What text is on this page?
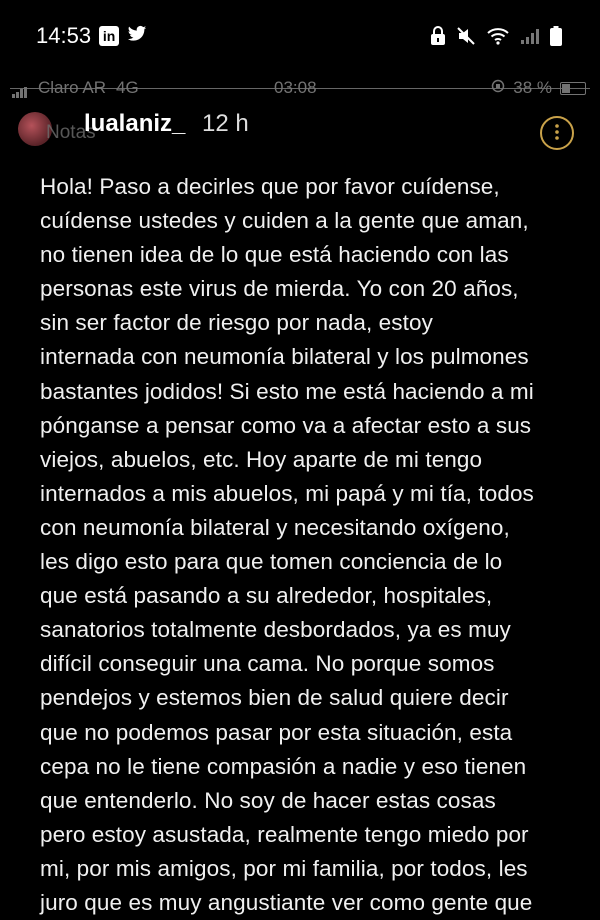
14:53 in
Claro AR 4G	03:08	38 %
Notas
lualaniz_ 12 h
Hola! Paso a decirles que por favor cuídense,
cuídense ustedes y cuiden a la gente que aman,
no tienen idea de lo que está haciendo con las
personas este virus de mierda. Yo con 20 años,
sin ser factor de riesgo por nada, estoy
internada con neumonía bilateral y los pulmones
bastantes jodidos! Si esto me está haciendo a mi
pónganse a pensar como va a afectar esto a sus
viejos, abuelos, etc. Hoy aparte de mi tengo
internados a mis abuelos, mi papá y mi tía, todos
con neumonía bilateral y necesitando oxígeno,
les digo esto para que tomen conciencia de lo
que está pasando a su alrededor, hospitales,
sanatorios totalmente desbordados, ya es muy
difícil conseguir una cama. No porque somos
pendejos y estemos bien de salud quiere decir
que no podemos pasar por esta situación, esta
cepa no le tiene compasión a nadie y eso tienen
que entenderlo. No soy de hacer estas cosas
pero estoy asustada, realmente tengo miedo por
mi, por mis amigos, por mi familia, por todos, les
juro que es muy angustiante ver como gente que
